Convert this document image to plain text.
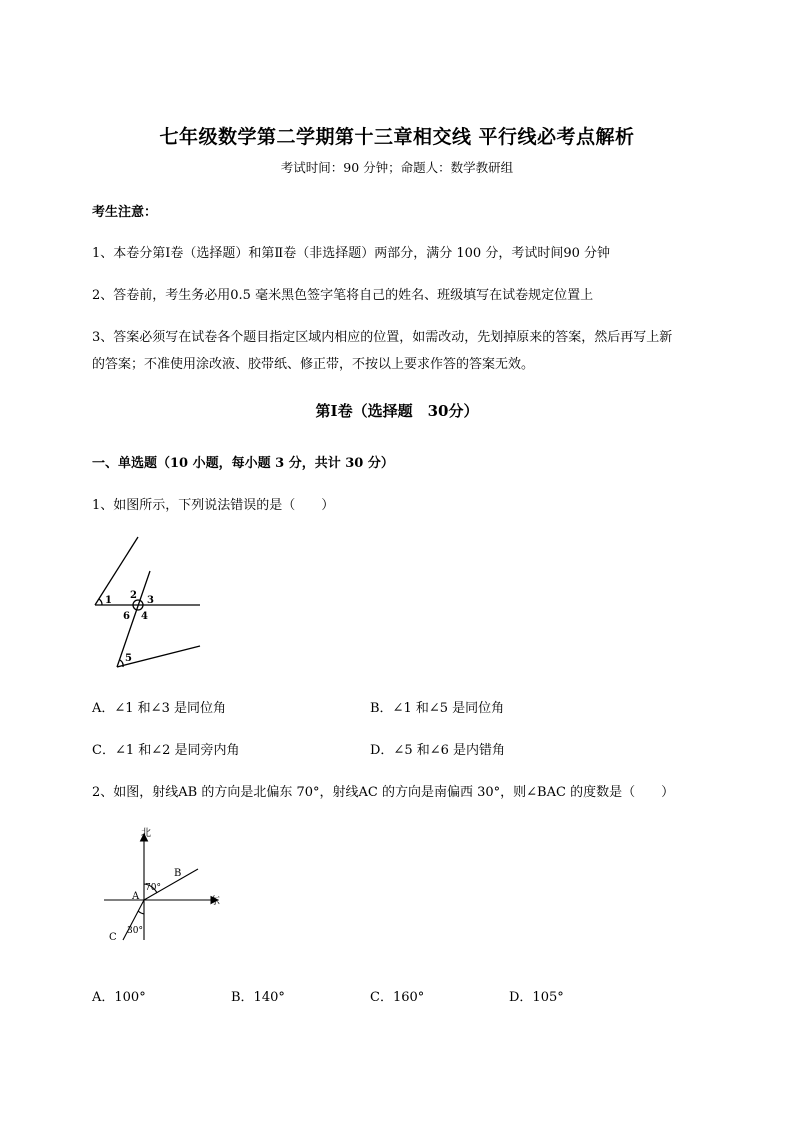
七年级数学第二学期第十三章相交线 平行线必考点解析
考试时间：90 分钟；命题人：数学教研组
考生注意：
1、本卷分第Ⅰ卷（选择题）和第Ⅱ卷（非选择题）两部分，满分 100 分，考试时间90 分钟
2、答卷前，考生务必用0.5 毫米黑色签字笔将自己的姓名、班级填写在试卷规定位置上
3、答案必须写在试卷各个题目指定区域内相应的位置，如需改动，先划掉原来的答案，然后再写上新
的答案；不准使用涂改液、胶带纸、修正带，不按以上要求作答的答案无效。
第Ⅰ卷（选择题　30分）
一、单选题（10 小题，每小题 3 分，共计 30 分）
1、如图所示，下列说法错误的是（　　）
1 2 3
6 4
5
A．∠1 和∠3 是同位角	B．∠1 和∠5 是同位角
C．∠1 和∠2 是同旁内角	D．∠5 和∠6 是内错角
2、如图，射线AB 的方向是北偏东 70°，射线AC 的方向是南偏西 30°，则∠BAC 的度数是（　　）
北
东
A
B
C
70°
30°
A．100°	B．140°	C．160°	D．105°
